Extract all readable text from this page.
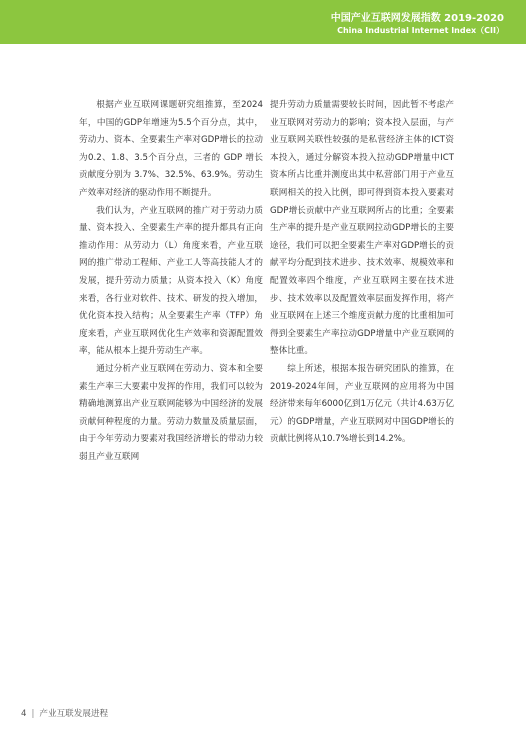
中国产业互联网发展指数 2019-2020
China Industrial Internet Index（CII）

根据产业互联网课题研究组推算，至2024年，中国的GDP年增速为5.5个百分点，其中，劳动力、资本、全要素生产率对GDP增长的拉动为0.2、1.8、3.5个百分点，三者的 GDP 增长贡献度分别为 3.7%、32.5%、63.9%。劳动生产效率对经济的驱动作用不断提升。

我们认为，产业互联网的推广对于劳动力质量、资本投入、全要素生产率的提升都具有正向推动作用：从劳动力（L）角度来看，产业互联网的推广带动工程师、产业工人等高技能人才的发展，提升劳动力质量；从资本投入（K）角度来看，各行业对软件、技术、研发的投入增加，优化资本投入结构；从全要素生产率（TFP）角度来看，产业互联网优化生产效率和资源配置效率，能从根本上提升劳动生产率。

通过分析产业互联网在劳动力、资本和全要素生产率三大要素中发挥的作用，我们可以较为精确地测算出产业互联网能够为中国经济的发展贡献何种程度的力量。劳动力数量及质量层面，由于今年劳动力要素对我国经济增长的带动力较弱且产业互联网

提升劳动力质量需要较长时间，因此暂不考虑产业互联网对劳动力的影响；资本投入层面，与产业互联网关联性较强的是私营经济主体的ICT资本投入，通过分解资本投入拉动GDP增量中ICT资本所占比重并测度出其中私营部门用于产业互联网相关的投入比例，即可得到资本投入要素对GDP增长贡献中产业互联网所占的比重；全要素生产率的提升是产业互联网拉动GDP增长的主要途径，我们可以把全要素生产率对GDP增长的贡献平均分配到技术进步、技术效率、规模效率和配置效率四个维度，产业互联网主要在技术进步、技术效率以及配置效率层面发挥作用，将产业互联网在上述三个维度贡献力度的比重相加可得到全要素生产率拉动GDP增量中产业互联网的整体比重。

综上所述，根据本报告研究团队的推算，在2019-2024年间，产业互联网的应用将为中国经济带来每年6000亿到1万亿元（共计4.63万亿元）的GDP增量，产业互联网对中国GDP增长的贡献比例将从10.7%增长到14.2%。

4 | 产业互联发展进程
